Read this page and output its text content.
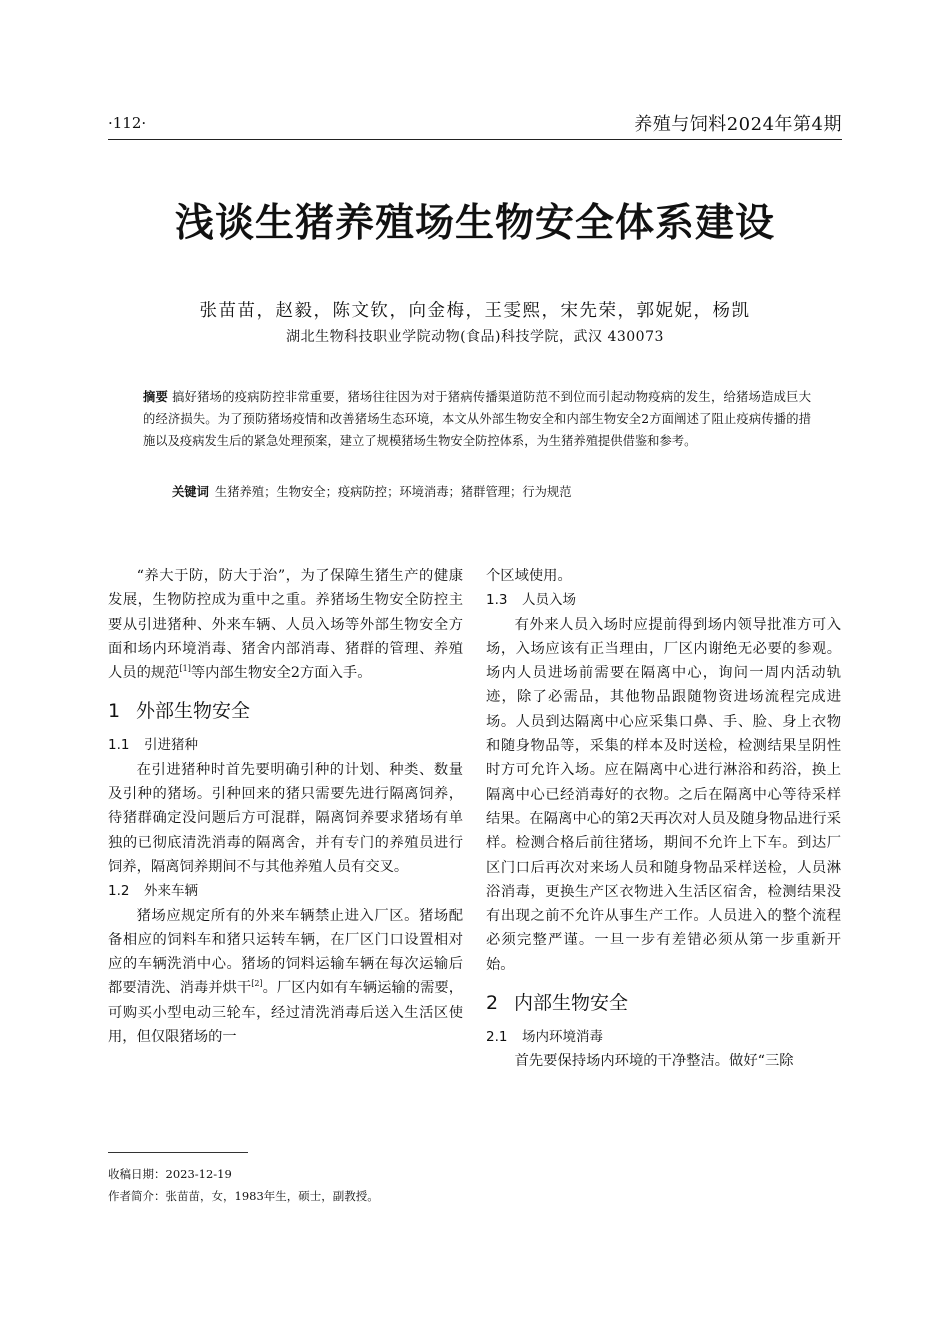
·112·	养殖与饲料2024年第4期
浅谈生猪养殖场生物安全体系建设
张苗苗，赵毅，陈文钦，向金梅，王雯熙，宋先荣，郭妮妮，杨凯
湖北生物科技职业学院动物(食品)科技学院，武汉 430073
摘要 搞好猪场的疫病防控非常重要，猪场往往因为对于猪病传播渠道防范不到位而引起动物疫病的发生，给猪场造成巨大的经济损失。为了预防猪场疫情和改善猪场生态环境，本文从外部生物安全和内部生物安全2方面阐述了阻止疫病传播的措施以及疫病发生后的紧急处理预案，建立了规模猪场生物安全防控体系，为生猪养殖提供借鉴和参考。
关键词 生猪养殖；生物安全；疫病防控；环境消毒；猪群管理；行为规范

“养大于防，防大于治”，为了保障生猪生产的健康发展，生物防控成为重中之重。养猪场生物安全防控主要从引进猪种、外来车辆、人员入场等外部生物安全方面和场内环境消毒、猪舍内部消毒、猪群的管理、养殖人员的规范[1]等内部生物安全2方面入手。

1 外部生物安全
1.1 引进猪种

在引进猪种时首先要明确引种的计划、种类、数量及引种的猪场。引种回来的猪只需要先进行隔离饲养，待猪群确定没问题后方可混群，隔离饲养要求猪场有单独的已彻底清洗消毒的隔离舍，并有专门的养殖员进行饲养，隔离饲养期间不与其他养殖人员有交叉。

1.2 外来车辆

猪场应规定所有的外来车辆禁止进入厂区。猪场配备相应的饲料车和猪只运转车辆，在厂区门口设置相对应的车辆洗消中心。猪场的饲料运输车辆在每次运输后都要清洗、消毒并烘干[2]。厂区内如有车辆运输的需要，可购买小型电动三轮车，经过清洗消毒后送入生活区使用，但仅限猪场的一

个区域使用。

1.3 人员入场

有外来人员入场时应提前得到场内领导批准方可入场，入场应该有正当理由，厂区内谢绝无必要的参观。场内人员进场前需要在隔离中心，询问一周内活动轨迹，除了必需品，其他物品跟随物资进场流程完成进场。人员到达隔离中心应采集口鼻、手、脸、身上衣物和随身物品等，采集的样本及时送检，检测结果呈阴性时方可允许入场。应在隔离中心进行淋浴和药浴，换上隔离中心已经消毒好的衣物。之后在隔离中心等待采样结果。在隔离中心的第2天再次对人员及随身物品进行采样。检测合格后前往猪场，期间不允许上下车。到达厂区门口后再次对来场人员和随身物品采样送检，人员淋浴消毒，更换生产区衣物进入生活区宿舍，检测结果没有出现之前不允许从事生产工作。人员进入的整个流程必须完整严谨。一旦一步有差错必须从第一步重新开始。

2 内部生物安全
2.1 场内环境消毒

首先要保持场内环境的干净整洁。做好“三除

收稿日期：2023-12-19
作者简介：张苗苗，女，1983年生，硕士，副教授。
